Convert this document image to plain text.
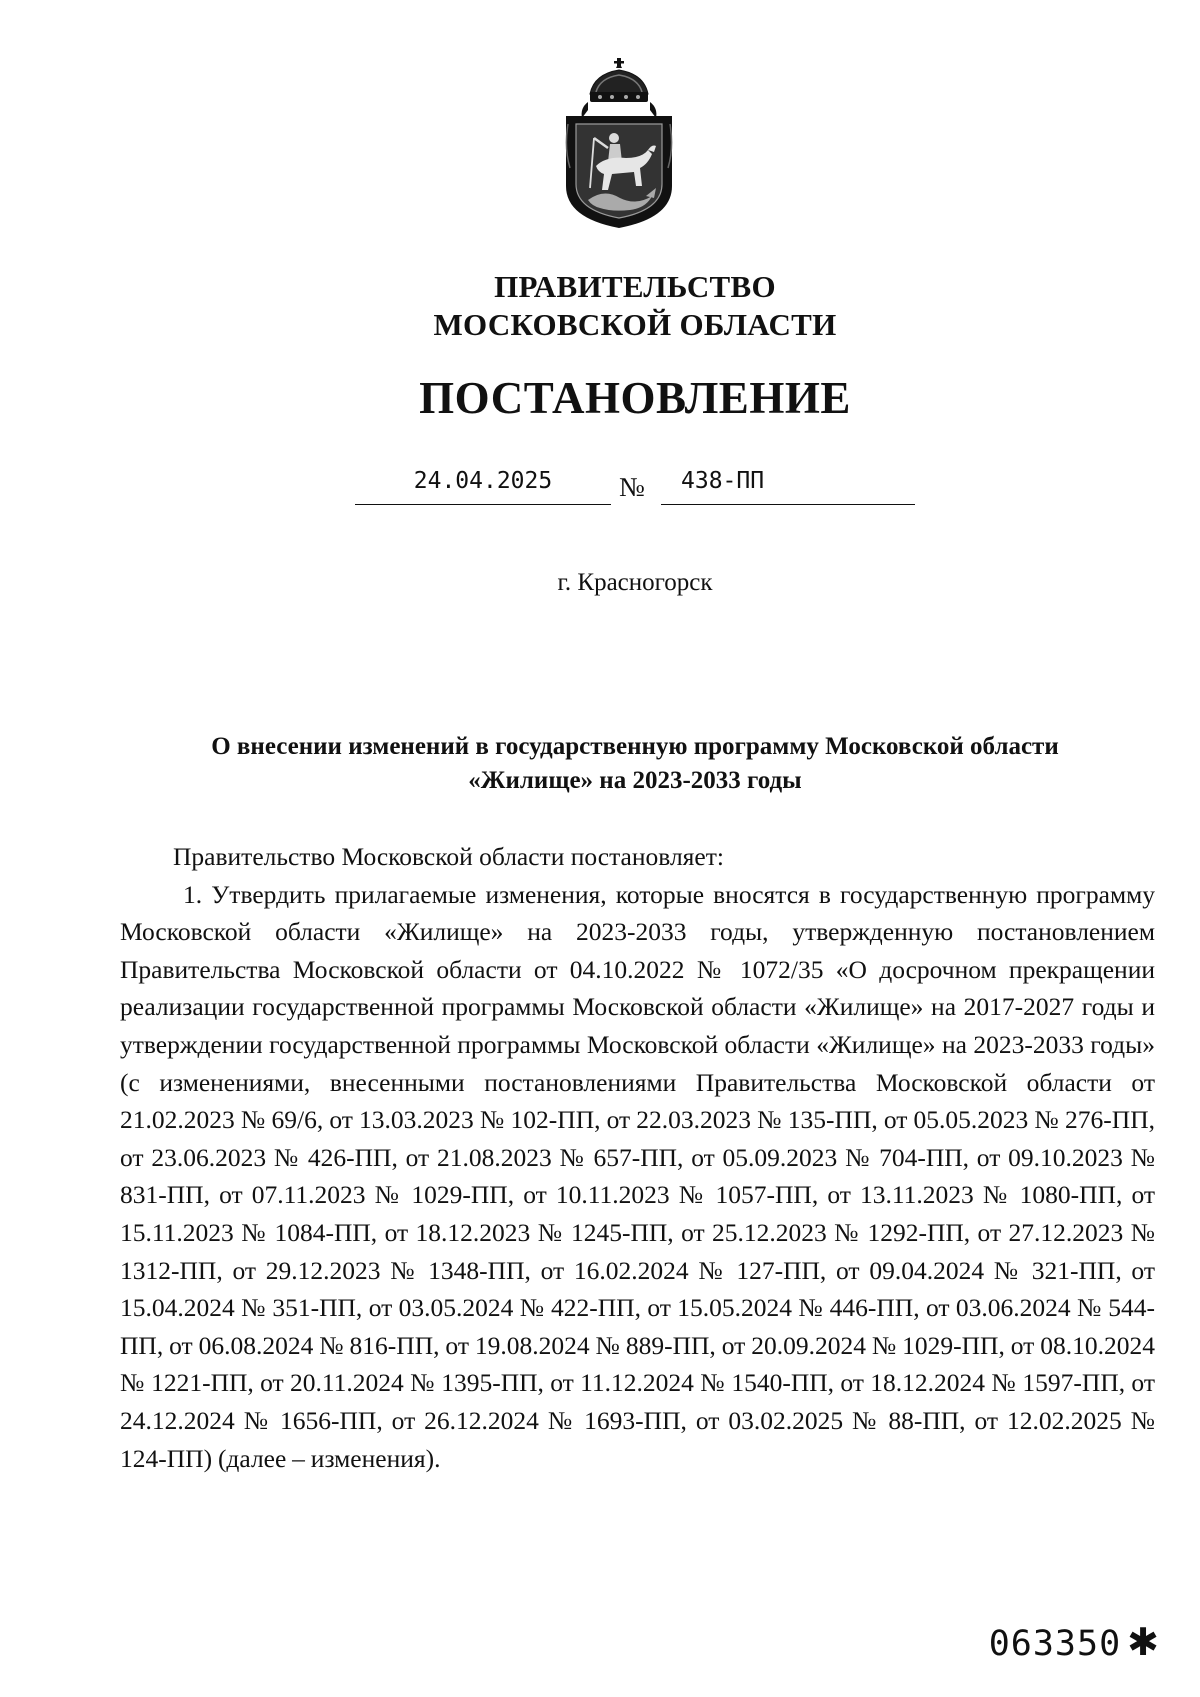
ПРАВИТЕЛЬСТВО
МОСКОВСКОЙ ОБЛАСТИ
ПОСТАНОВЛЕНИЕ
24.04.2025	№ 438-ПП
г. Красногорск
О внесении изменений в государственную программу Московской области
«Жилище» на 2023-2033 годы

Правительство Московской области постановляет:

1. Утвердить прилагаемые изменения, которые вносятся в государственную программу Московской области «Жилище» на 2023-2033 годы, утвержденную постановлением Правительства Московской области от 04.10.2022 № 1072/35 «О досрочном прекращении реализации государственной программы Московской области «Жилище» на 2017-2027 годы и утверждении государственной программы Московской области «Жилище» на 2023-2033 годы» (с изменениями, внесенными постановлениями Правительства Московской области от 21.02.2023 № 69/6, от 13.03.2023 № 102-ПП, от 22.03.2023 № 135-ПП, от 05.05.2023 № 276-ПП, от 23.06.2023 № 426-ПП, от 21.08.2023 № 657-ПП, от 05.09.2023 № 704-ПП, от 09.10.2023 № 831-ПП, от 07.11.2023 № 1029-ПП, от 10.11.2023 № 1057-ПП, от 13.11.2023 № 1080-ПП, от 15.11.2023 № 1084-ПП, от 18.12.2023 № 1245-ПП, от 25.12.2023 № 1292-ПП, от 27.12.2023 № 1312-ПП, от 29.12.2023 № 1348-ПП, от 16.02.2024 № 127-ПП, от 09.04.2024 № 321-ПП, от 15.04.2024 № 351-ПП, от 03.05.2024 № 422-ПП, от 15.05.2024 № 446-ПП, от 03.06.2024 № 544-ПП, от 06.08.2024 № 816-ПП, от 19.08.2024 № 889-ПП, от 20.09.2024 № 1029-ПП, от 08.10.2024 № 1221-ПП, от 20.11.2024 № 1395-ПП, от 11.12.2024 № 1540-ПП, от 18.12.2024 № 1597-ПП, от 24.12.2024 № 1656-ПП, от 26.12.2024 № 1693-ПП, от 03.02.2025 № 88-ПП, от 12.02.2025 № 124-ПП) (далее – изменения).

063350 ✱
